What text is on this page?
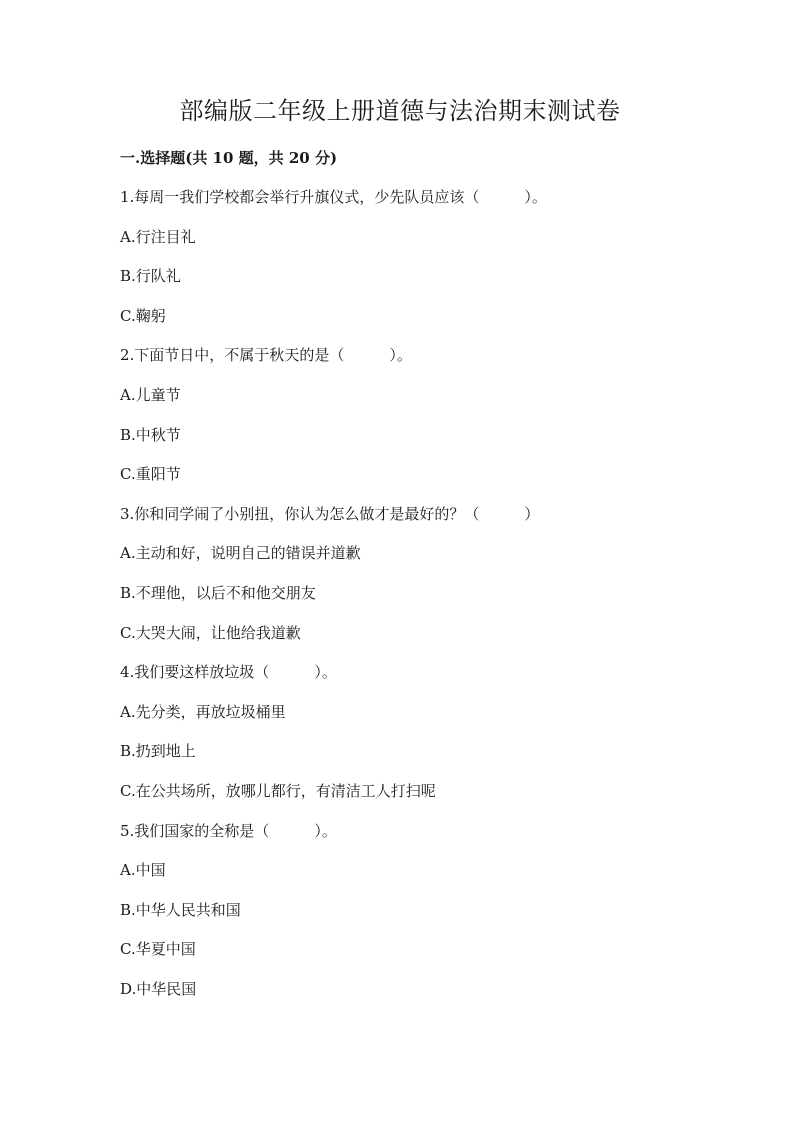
部编版二年级上册道德与法治期末测试卷
一.选择题(共 10 题，共 20 分)
1.每周一我们学校都会举行升旗仪式，少先队员应该（　　　）。
A.行注目礼
B.行队礼
C.鞠躬
2.下面节日中，不属于秋天的是（　　　）。
A.儿童节
B.中秋节
C.重阳节
3.你和同学闹了小别扭，你认为怎么做才是最好的？（　　　）
A.主动和好，说明自己的错误并道歉
B.不理他，以后不和他交朋友
C.大哭大闹，让他给我道歉
4.我们要这样放垃圾（　　　）。
A.先分类，再放垃圾桶里
B.扔到地上
C.在公共场所，放哪儿都行，有清洁工人打扫呢
5.我们国家的全称是（　　　）。
A.中国
B.中华人民共和国
C.华夏中国
D.中华民国
